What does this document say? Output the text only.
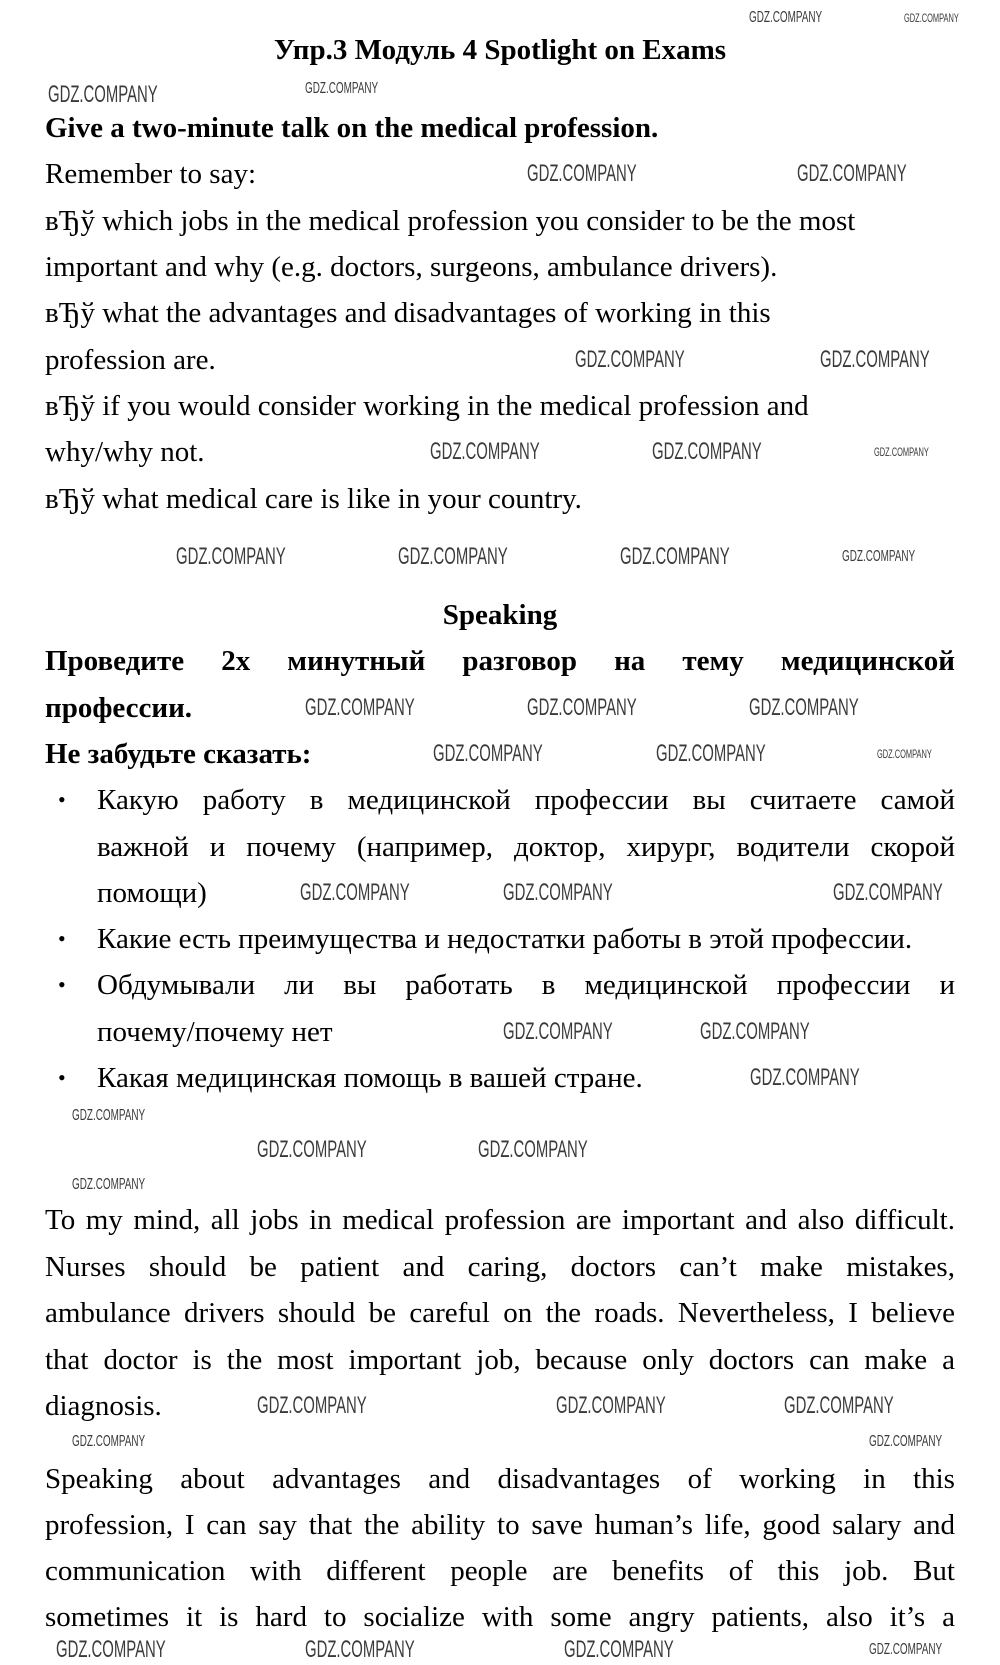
Упр.3 Модуль 4 Spotlight on Exams
Give a two-minute talk on the medical profession.
Remember to say:
вЂў which jobs in the medical profession you consider to be the most
important and why (e.g. doctors, surgeons, ambulance drivers).
вЂў what the advantages and disadvantages of working in this
profession are.
вЂў if you would consider working in the medical profession and
why/why not.
вЂў what medical care is like in your country.
Speaking
Проведите 2х минутный разговор на тему медицинской
профессии.
Не забудьте сказать:
• Какую работу в медицинской профессии вы считаете самой
важной и почему (например, доктор, хирург, водители скорой
помощи)
• Какие есть преимущества и недостатки работы в этой профессии.
• Обдумывали ли вы работать в медицинской профессии и
почему/почему нет
• Какая медицинская помощь в вашей стране.
To my mind, all jobs in medical profession are important and also difficult.
Nurses should be patient and caring, doctors can’t make mistakes,
ambulance drivers should be careful on the roads. Nevertheless, I believe
that doctor is the most important job, because only doctors can make a
diagnosis.
Speaking about advantages and disadvantages of working in this
profession, I can say that the ability to save human’s life, good salary and
communication with different people are benefits of this job. But
sometimes it is hard to socialize with some angry patients, also it’s a
GDZ.COMPANY	GDZ.COMPANY
GDZ.COMPANY
GDZ.COMPANY
GDZ.COMPANY	GDZ.COMPANY
GDZ.COMPANY	GDZ.COMPANY
GDZ.COMPANY	GDZ.COMPANY	GDZ.COMPANY
GDZ.COMPANY	GDZ.COMPANY	GDZ.COMPANY	GDZ.COMPANY
GDZ.COMPANY	GDZ.COMPANY	GDZ.COMPANY
GDZ.COMPANY	GDZ.COMPANY	GDZ.COMPANY
GDZ.COMPANY	GDZ.COMPANY	GDZ.COMPANY
GDZ.COMPANY	GDZ.COMPANY
GDZ.COMPANY
GDZ.COMPANY
GDZ.COMPANY	GDZ.COMPANY
GDZ.COMPANY
GDZ.COMPANY	GDZ.COMPANY	GDZ.COMPANY
GDZ.COMPANY	GDZ.COMPANY
GDZ.COMPANY	GDZ.COMPANY	GDZ.COMPANY	GDZ.COMPANY
